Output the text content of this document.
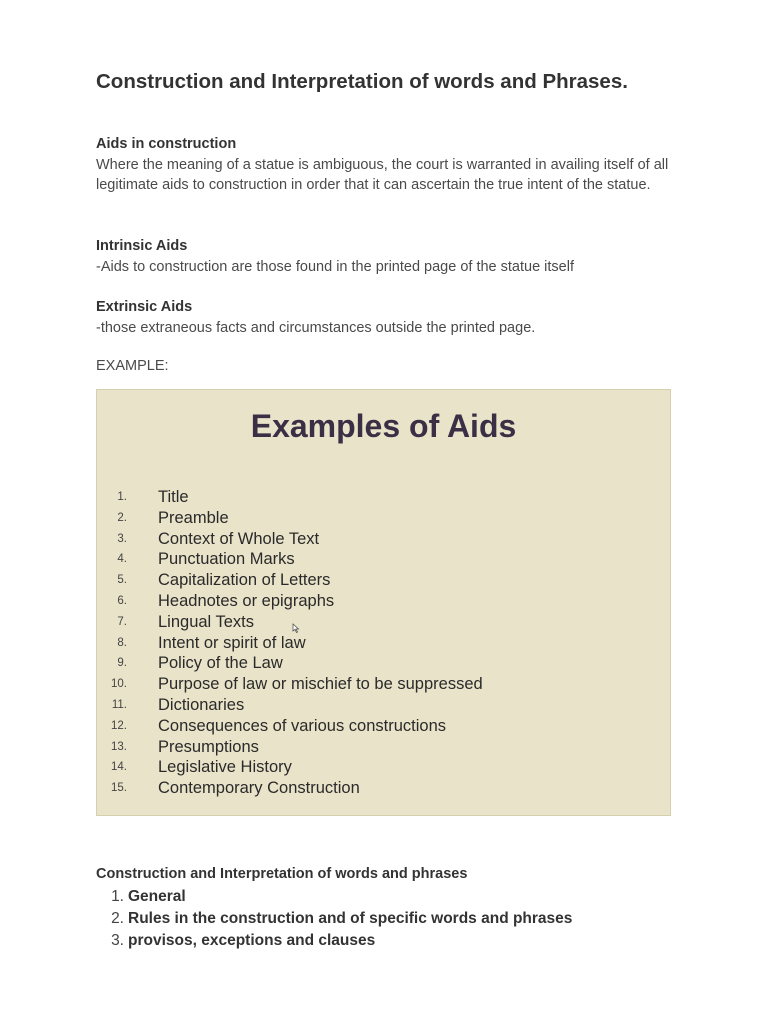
Construction and Interpretation of words and Phrases.
Aids in construction
Where the meaning of a statue is ambiguous, the court is warranted in availing itself of all legitimate aids to construction in order that it can ascertain the true intent of the statue.
Intrinsic Aids
-Aids to construction are those found in the printed page of the statue itself
Extrinsic Aids
-those extraneous facts and circumstances outside the printed page.
EXAMPLE:
Examples of Aids
1. Title
2. Preamble
3. Context of Whole Text
4. Punctuation Marks
5. Capitalization of Letters
6. Headnotes or epigraphs
7. Lingual Texts
8. Intent or spirit of law
9. Policy of the Law
10. Purpose of law or mischief to be suppressed
11. Dictionaries
12. Consequences of various constructions
13. Presumptions
14. Legislative History
15. Contemporary Construction
Construction and Interpretation of words and phrases
1. General
2. Rules in the construction and of specific words and phrases
3. provisos, exceptions and clauses
